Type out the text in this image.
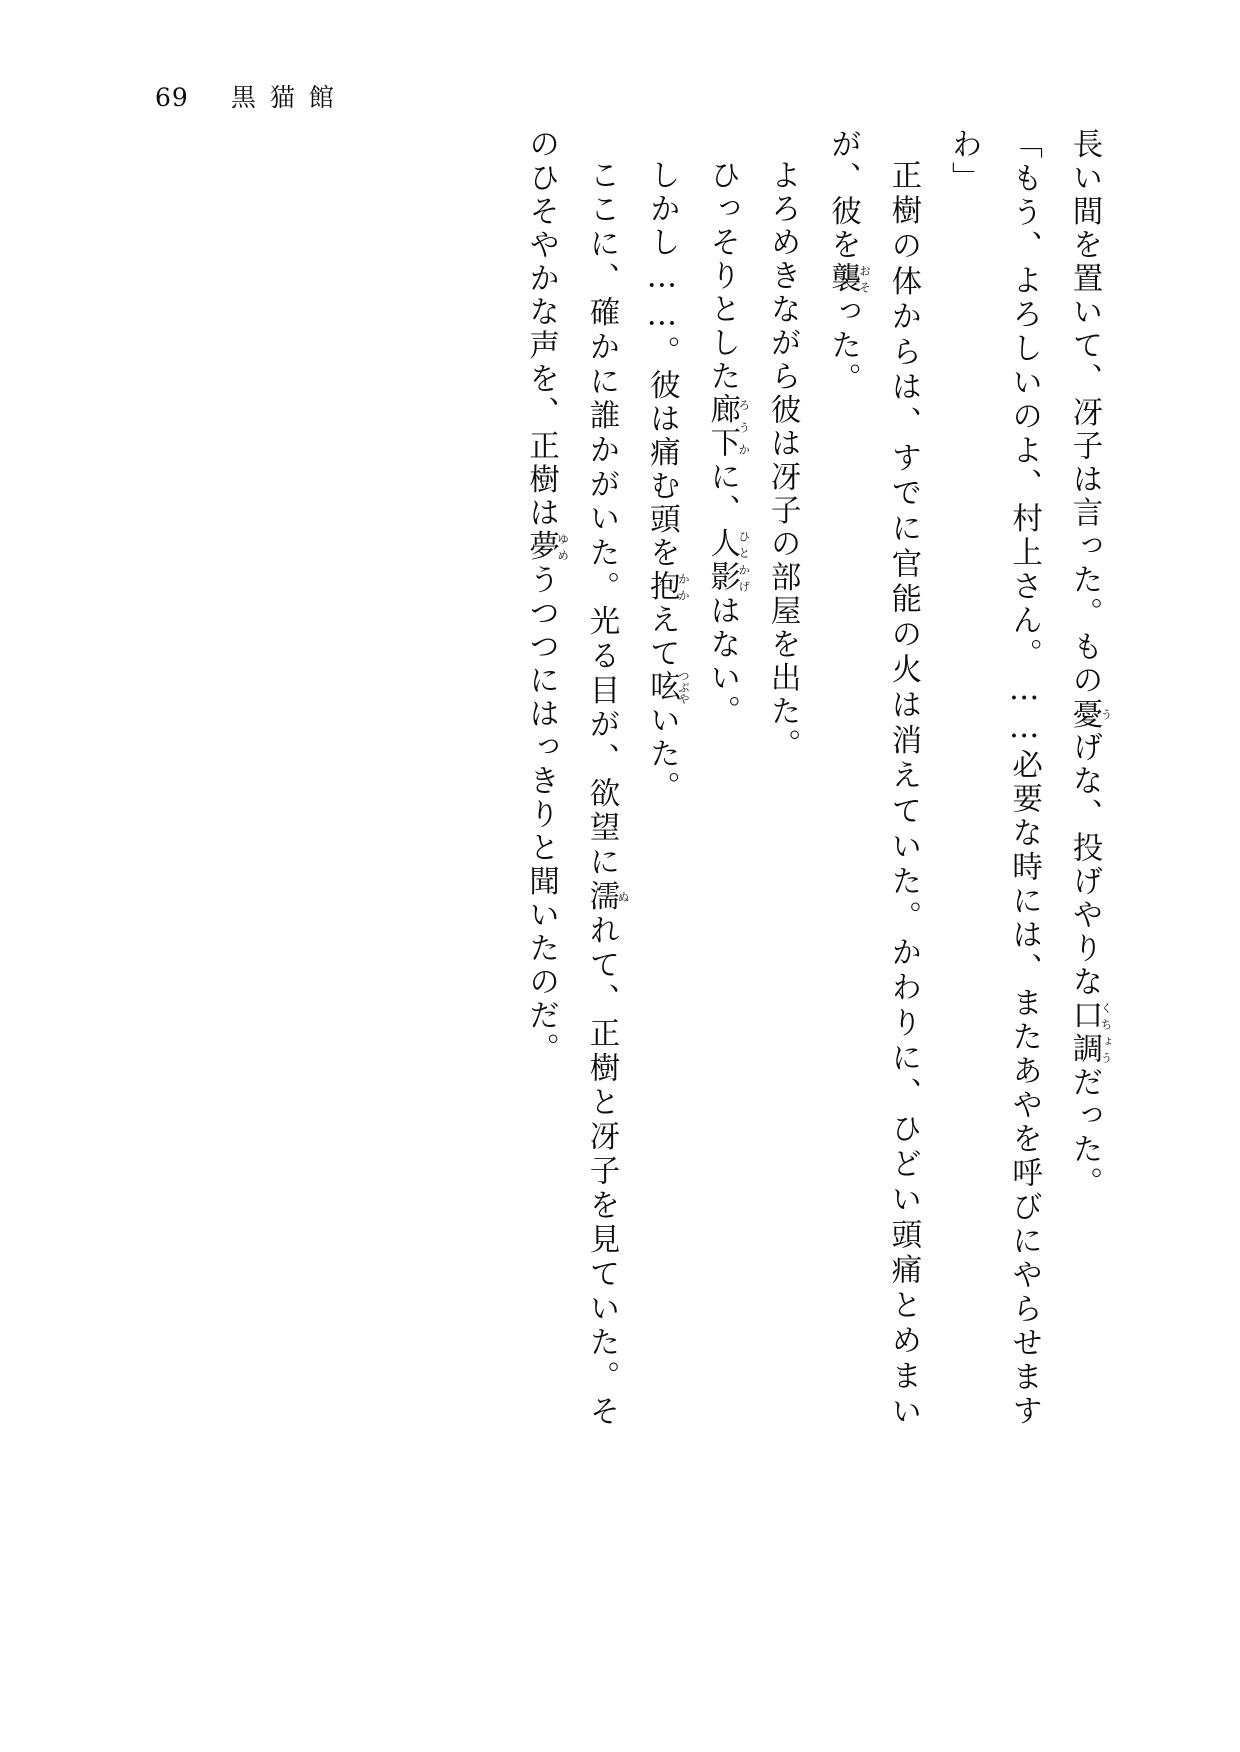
69 黒猫館

長い間を置いて、冴子は言った。もの憂うげな、投げやりな口調くちょうだった。

「もう、よろしいのよ、村上さん。……必要な時には、またあやを呼びにやらせますわ」

正樹の体からは、すでに官能の火は消えていた。かわりに、ひどい頭痛とめまいが、彼を襲おそった。

よろめきながら彼は冴子の部屋を出た。

ひっそりとした廊下ろうかに、人影ひとかげはない。

しかし……。彼は痛む頭を抱かかえて呟つぶやいた。

ここに、確かに誰かがいた。光る目が、欲望に濡ぬれて、正樹と冴子を見ていた。そのひそやかな声を、正樹は夢ゆめうつつにはっきりと聞いたのだ。
